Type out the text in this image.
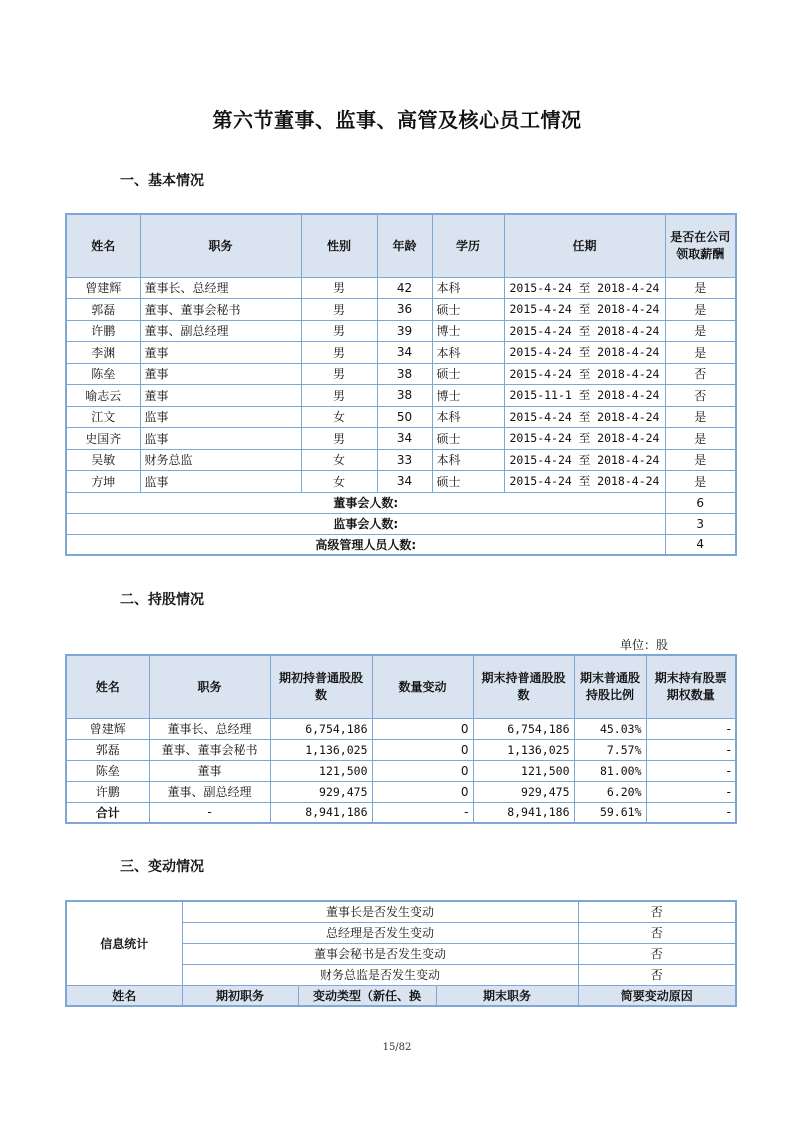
第六节董事、监事、高管及核心员工情况
一、基本情况
姓名	职务	性别	年龄	学历	任期	是否在公司领取薪酬
曾建辉	董事长、总经理	男	42	本科	2015-4-24 至 2018-4-24	是
郭磊	董事、董事会秘书	男	36	硕士	2015-4-24 至 2018-4-24	是
许鹏	董事、副总经理	男	39	博士	2015-4-24 至 2018-4-24	是
李渊	董事	男	34	本科	2015-4-24 至 2018-4-24	是
陈垒	董事	男	38	硕士	2015-4-24 至 2018-4-24	否
喻志云	董事	男	38	博士	2015-11-1 至 2018-4-24	否
江文	监事	女	50	本科	2015-4-24 至 2018-4-24	是
史国齐	监事	男	34	硕士	2015-4-24 至 2018-4-24	是
吴敏	财务总监	女	33	本科	2015-4-24 至 2018-4-24	是
方坤	监事	女	34	硕士	2015-4-24 至 2018-4-24	是
董事会人数:						6
监事会人数:						3
高级管理人员人数:						4
二、持股情况
单位：股
姓名	职务	期初持普通股股数	数量变动	期末持普通股股数	期末普通股持股比例	期末持有股票期权数量
曾建辉	董事长、总经理	6,754,186	0	6,754,186	45.03%	-
郭磊	董事、董事会秘书	1,136,025	0	1,136,025	7.57%	-
陈垒	董事	121,500	0	121,500	81.00%	-
许鹏	董事、副总经理	929,475	0	929,475	6.20%	-
合计	-	8,941,186	-	8,941,186	59.61%	-
三、变动情况
信息统计	董事长是否发生变动			否
	总经理是否发生变动			否
	董事会秘书是否发生变动			否
	财务总监是否发生变动			否
姓名	期初职务	变动类型（新任、换	期末职务	简要变动原因
15/82
